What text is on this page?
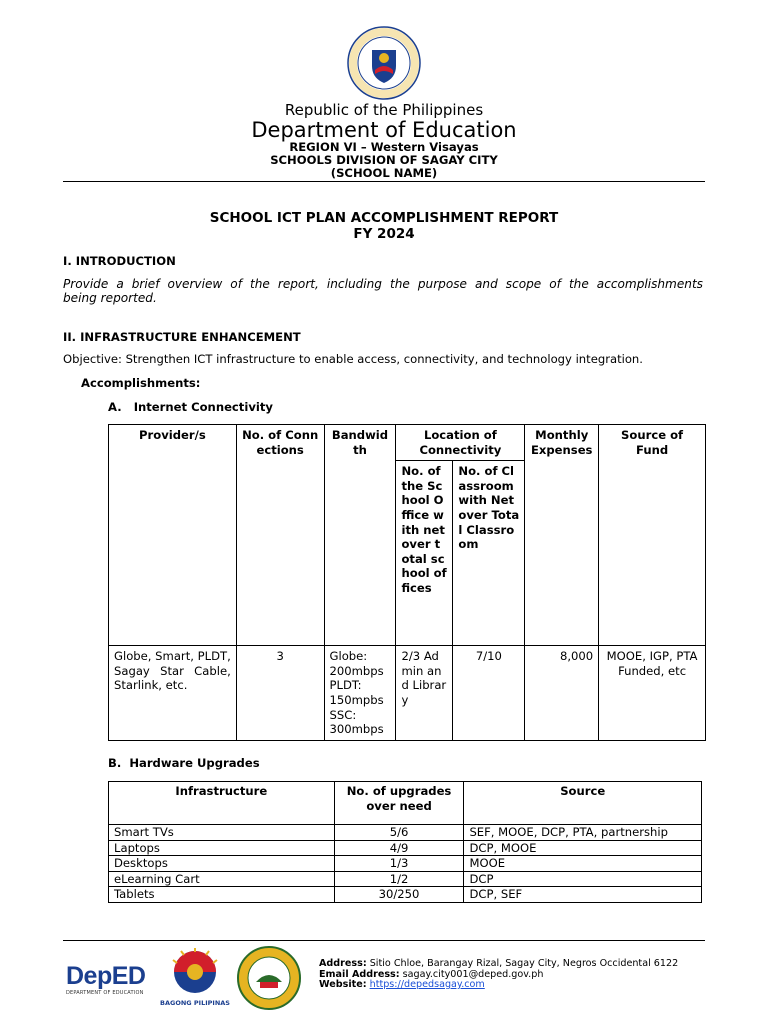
Republic of the Philippines
Department of Education
REGION VI – Western Visayas
SCHOOLS DIVISION OF SAGAY CITY
(SCHOOL NAME)
SCHOOL ICT PLAN ACCOMPLISHMENT REPORT
FY 2024
I. INTRODUCTION
Provide a brief overview of the report, including the purpose and scope of the accomplishments
being reported.
II. INFRASTRUCTURE ENHANCEMENT
Objective: Strengthen ICT infrastructure to enable access, connectivity, and technology integration.
Accomplishments:
A.   Internet Connectivity
Provider/s	No. of Connections	Bandwidth	Location of Connectivity		Monthly Expenses	Source of Fund
			No. of the School Office with net over total school offices	No. of Classroom with Net over Total Classroom		
Globe, Smart, PLDT, Sagay Star Cable, Starlink, etc.	3	Globe: 200mbps PLDT: 150mpbs SSC: 300mbps	2/3 Admin and Library	7/10	8,000	MOOE, IGP, PTA Funded, etc
B.  Hardware Upgrades
Infrastructure	No. of upgrades over need	Source
Smart TVs	5/6	SEF, MOOE, DCP, PTA, partnership
Laptops	4/9	DCP, MOOE
Desktops	1/3	MOOE
eLearning Cart	1/2	DCP
Tablets	30/250	DCP, SEF
DepED
DEPARTMENT OF EDUCATION
BAGONG PILIPINAS
Address: Sitio Chloe, Barangay Rizal, Sagay City, Negros Occidental 6122
Email Address: sagay.city001@deped.gov.ph
Website: https://depedsagay.com
